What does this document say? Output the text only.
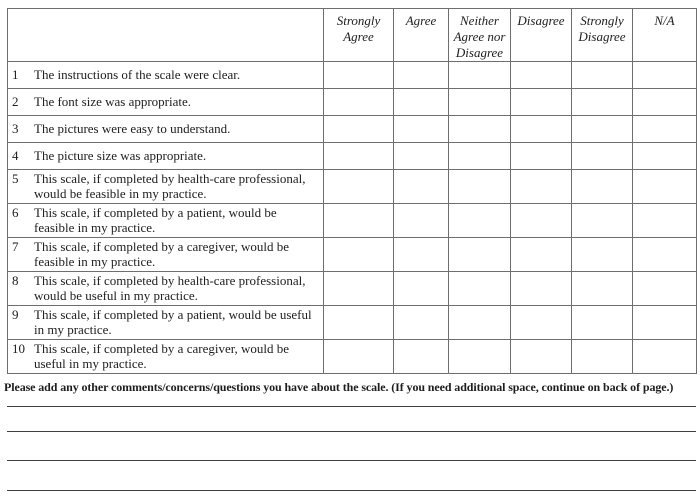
	Strongly Agree	Agree	Neither Agree nor Disagree	Disagree	Strongly Disagree	N/A

1 The instructions of the scale were clear.						

2 The font size was appropriate.						

3 The pictures were easy to understand.						

4 The picture size was appropriate.						

5 This scale, if completed by health-care professional, would be feasible in my practice.						

6 This scale, if completed by a patient, would be feasible in my practice.						

7 This scale, if completed by a caregiver, would be feasible in my practice.						

8 This scale, if completed by health-care professional, would be useful in my practice.						

9 This scale, if completed by a patient, would be useful in my practice.						

10 This scale, if completed by a caregiver, would be useful in my practice.						

Please add any other comments/concerns/questions you have about the scale. (If you need additional space, continue on back of page.)
